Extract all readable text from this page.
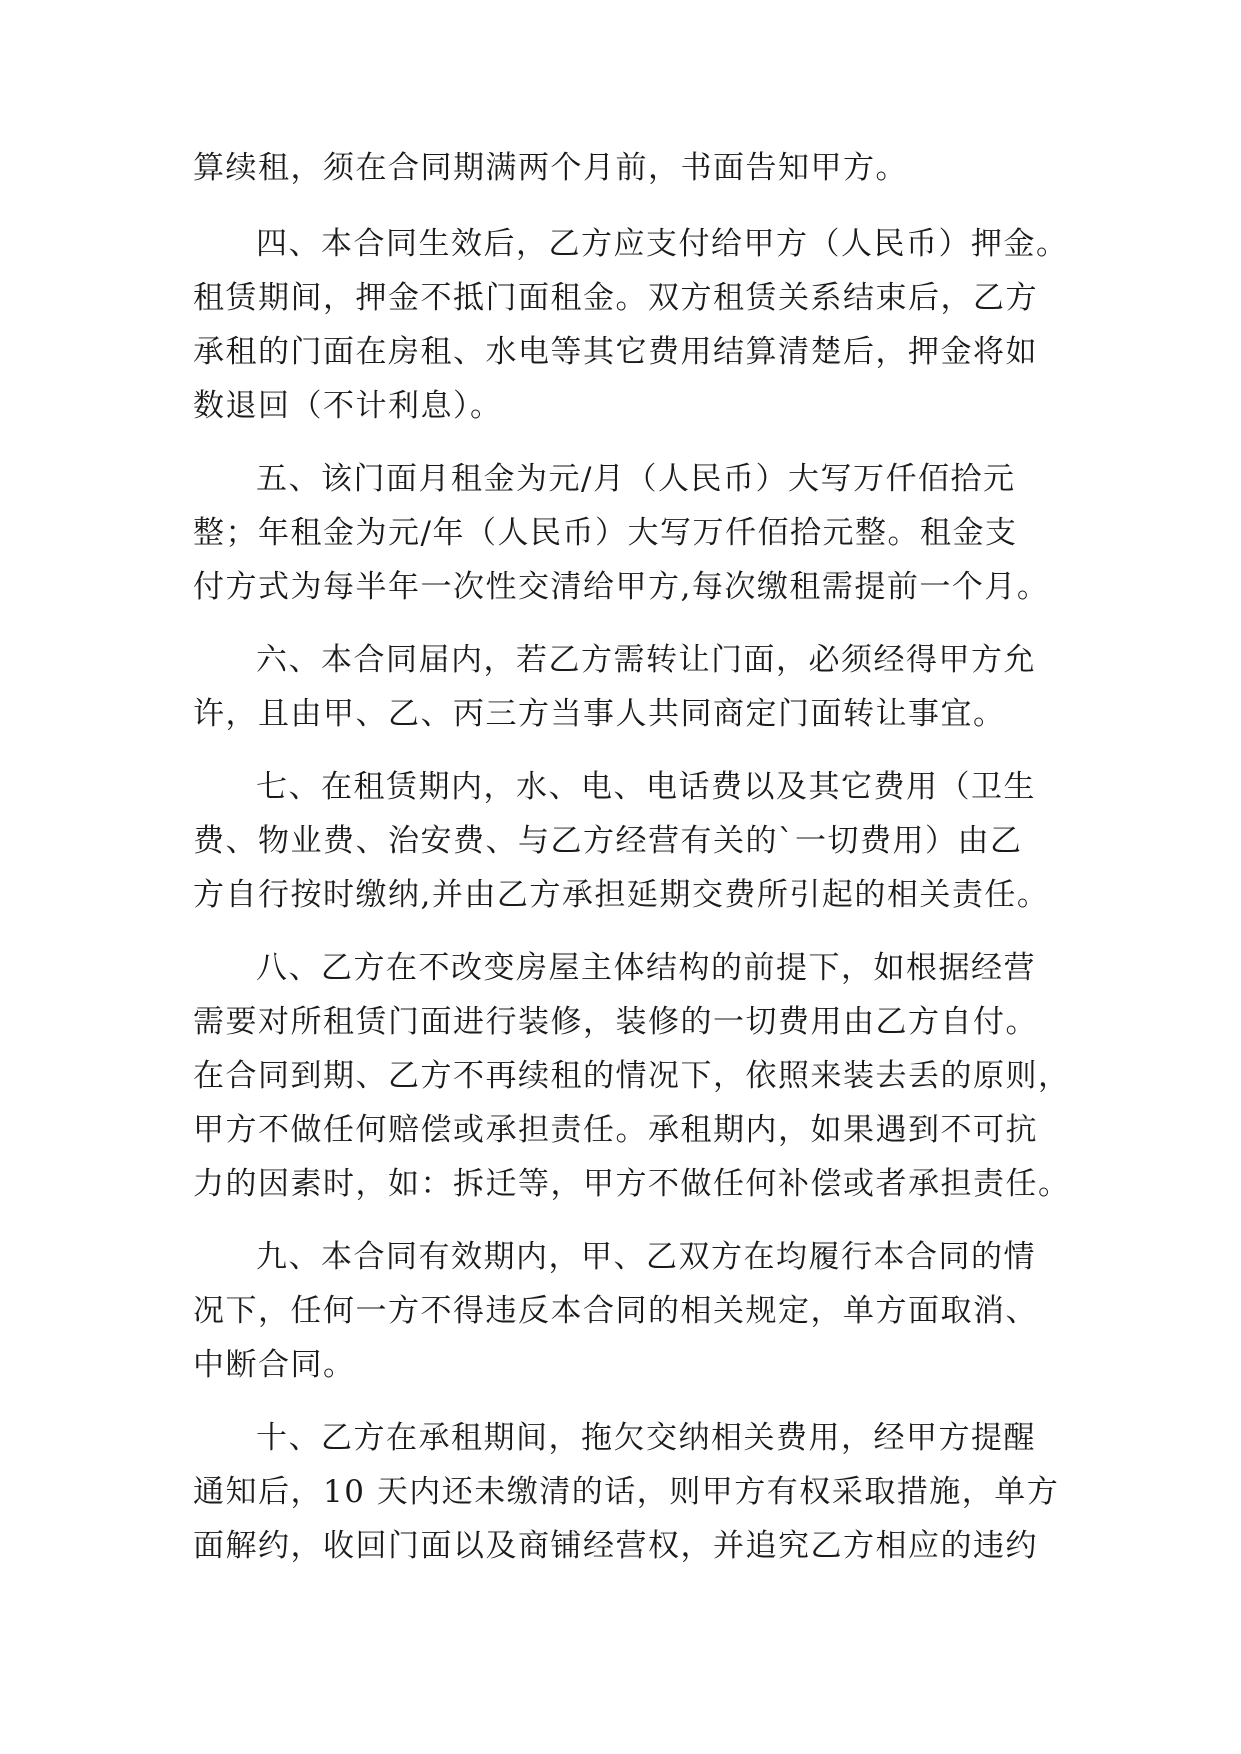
算续租，须在合同期满两个月前，书面告知甲方。
四、本合同生效后，乙方应支付给甲方（人民币）押金。
租赁期间，押金不抵门面租金。双方租赁关系结束后，乙方
承租的门面在房租、水电等其它费用结算清楚后，押金将如
数退回（不计利息）。
五、该门面月租金为元/月（人民币）大写万仟佰拾元
整；年租金为元/年（人民币）大写万仟佰拾元整。租金支
付方式为每半年一次性交清给甲方,每次缴租需提前一个月。
六、本合同届内，若乙方需转让门面，必须经得甲方允
许，且由甲、乙、丙三方当事人共同商定门面转让事宜。
七、在租赁期内，水、电、电话费以及其它费用（卫生
费、物业费、治安费、与乙方经营有关的`一切费用）由乙
方自行按时缴纳,并由乙方承担延期交费所引起的相关责任。
八、乙方在不改变房屋主体结构的前提下，如根据经营
需要对所租赁门面进行装修，装修的一切费用由乙方自付。
在合同到期、乙方不再续租的情况下，依照来装去丢的原则，
甲方不做任何赔偿或承担责任。承租期内，如果遇到不可抗
力的因素时，如：拆迁等，甲方不做任何补偿或者承担责任。
九、本合同有效期内，甲、乙双方在均履行本合同的情
况下，任何一方不得违反本合同的相关规定，单方面取消、
中断合同。
十、乙方在承租期间，拖欠交纳相关费用，经甲方提醒
通知后，10 天内还未缴清的话，则甲方有权采取措施，单方
面解约，收回门面以及商铺经营权，并追究乙方相应的违约
